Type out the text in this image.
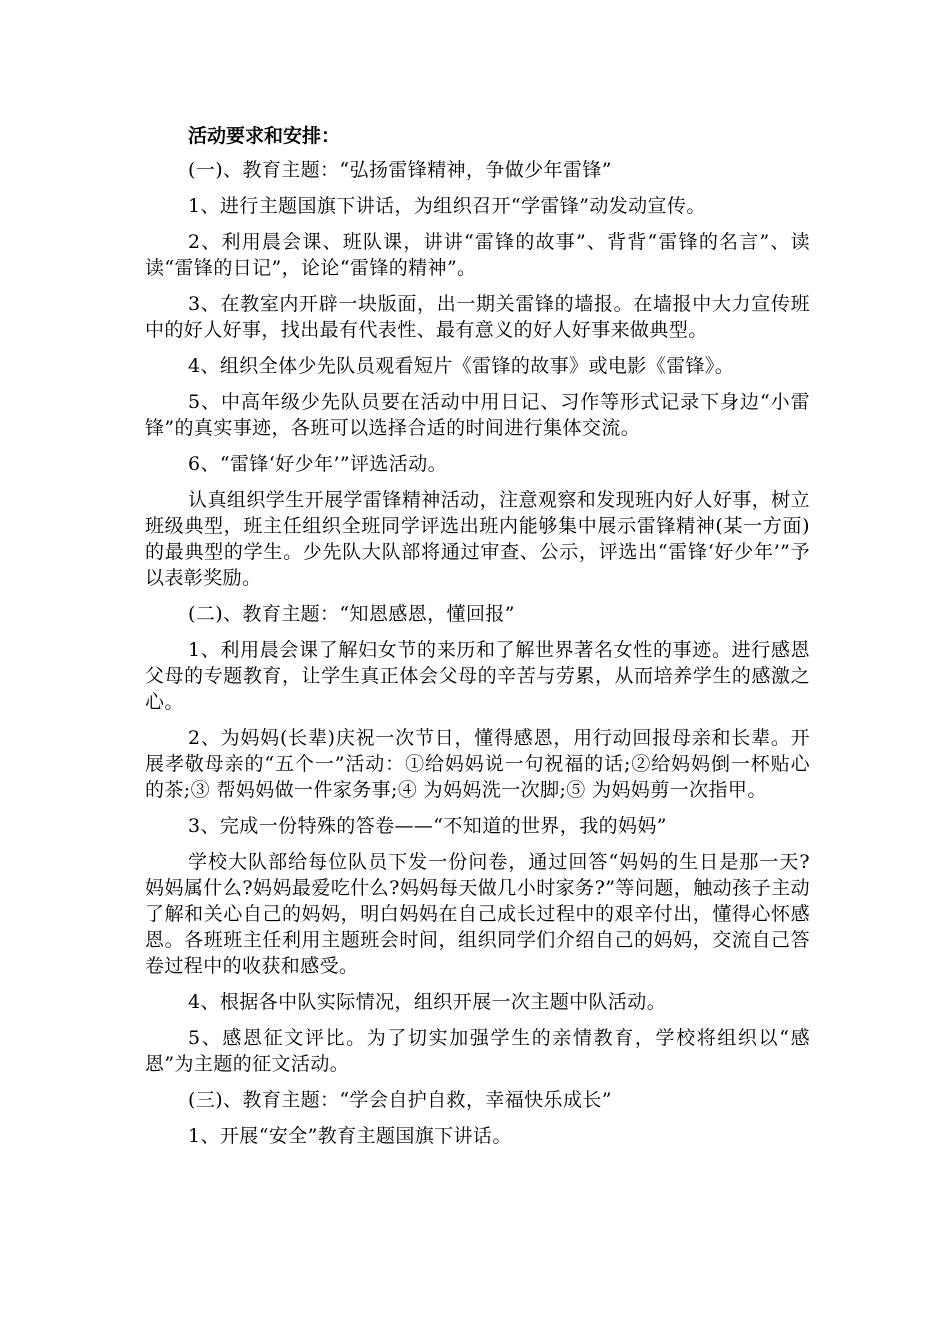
活动要求和安排：

(一)、教育主题：“弘扬雷锋精神，争做少年雷锋”

1、进行主题国旗下讲话，为组织召开“学雷锋”动发动宣传。

2、利用晨会课、班队课，讲讲“雷锋的故事”、背背“雷锋的名言”、读读“雷锋的日记”，论论“雷锋的精神”。

3、在教室内开辟一块版面，出一期关雷锋的墙报。在墙报中大力宣传班中的好人好事，找出最有代表性、最有意义的好人好事来做典型。

4、组织全体少先队员观看短片《雷锋的故事》或电影《雷锋》。

5、中高年级少先队员要在活动中用日记、习作等形式记录下身边“小雷锋”的真实事迹，各班可以选择合适的时间进行集体交流。

6、“雷锋‘好少年’”评选活动。

认真组织学生开展学雷锋精神活动，注意观察和发现班内好人好事，树立班级典型，班主任组织全班同学评选出班内能够集中展示雷锋精神(某一方面)的最典型的学生。少先队大队部将通过审查、公示，评选出“雷锋‘好少年’”予以表彰奖励。

(二)、教育主题：“知恩感恩，懂回报”

1、利用晨会课了解妇女节的来历和了解世界著名女性的事迹。进行感恩父母的专题教育，让学生真正体会父母的辛苦与劳累，从而培养学生的感激之心。

2、为妈妈(长辈)庆祝一次节日，懂得感恩，用行动回报母亲和长辈。开展孝敬母亲的“五个一”活动：①给妈妈说一句祝福的话;②给妈妈倒一杯贴心的茶;③ 帮妈妈做一件家务事;④ 为妈妈洗一次脚;⑤ 为妈妈剪一次指甲。

3、完成一份特殊的答卷——“不知道的世界，我的妈妈”

学校大队部给每位队员下发一份问卷，通过回答“妈妈的生日是那一天?妈妈属什么?妈妈最爱吃什么?妈妈每天做几小时家务?”等问题，触动孩子主动了解和关心自己的妈妈，明白妈妈在自己成长过程中的艰辛付出，懂得心怀感恩。各班班主任利用主题班会时间，组织同学们介绍自己的妈妈，交流自己答卷过程中的收获和感受。

4、根据各中队实际情况，组织开展一次主题中队活动。

5、感恩征文评比。为了切实加强学生的亲情教育，学校将组织以“感恩”为主题的征文活动。

(三)、教育主题：“学会自护自救，幸福快乐成长”

1、开展“安全”教育主题国旗下讲话。
